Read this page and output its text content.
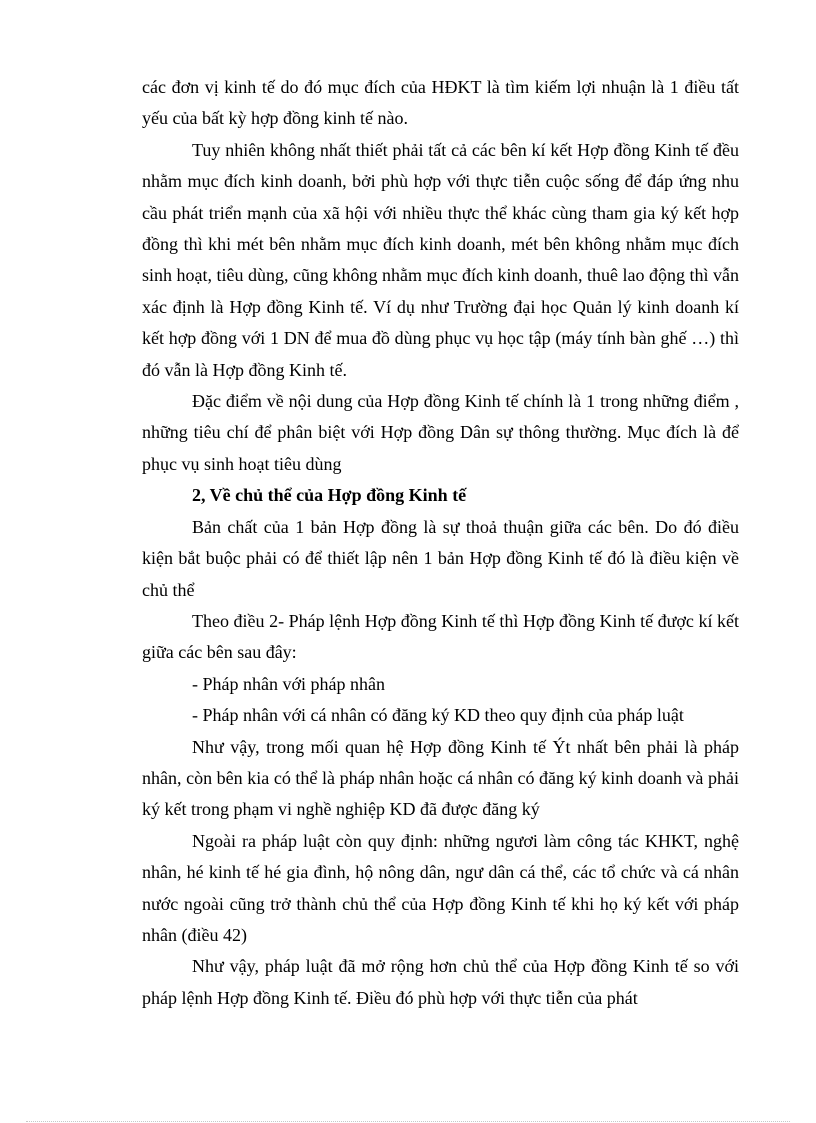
các đơn vị kinh tế do đó mục đích của HĐKT là tìm kiếm lợi nhuận là 1 điều tất yếu của bất kỳ hợp đồng kinh tế nào.

Tuy nhiên không nhất thiết phải tất cả các bên kí kết Hợp đồng Kinh tế đều nhằm mục đích kinh doanh, bởi phù hợp với thực tiễn cuộc sống để đáp ứng nhu cầu phát triển mạnh của xã hội với nhiều thực thể khác cùng tham gia ký kết hợp đồng thì khi mét bên nhằm mục đích kinh doanh, mét bên không nhằm mục đích sinh hoạt, tiêu dùng, cũng không nhằm mục đích kinh doanh, thuê lao động thì vẫn xác định là Hợp đồng Kinh tế. Ví dụ như Trường đại học Quản lý kinh doanh kí kết hợp đồng với 1 DN để mua đồ dùng phục vụ học tập (máy tính bàn ghế …) thì đó vẫn là Hợp đồng Kinh tế.

Đặc điểm về nội dung của Hợp đồng Kinh tế chính là 1 trong những điểm , những tiêu chí để phân biệt với Hợp đồng Dân sự thông thường. Mục đích là để phục vụ sinh hoạt tiêu dùng

2, Về chủ thể của Hợp đồng Kinh tế

Bản chất của 1 bản Hợp đồng là sự thoả thuận giữa các bên. Do đó điều kiện bắt buộc phải có để thiết lập nên 1 bản Hợp đồng Kinh tế đó là điều kiện về chủ thể

Theo điều 2- Pháp lệnh Hợp đồng Kinh tế thì Hợp đồng Kinh tế được kí kết giữa các bên sau đây:

- Pháp nhân với pháp nhân

- Pháp nhân với cá nhân có đăng ký KD theo quy định của pháp luật

Như vậy, trong mối quan hệ Hợp đồng Kinh tế Ýt nhất bên phải là pháp nhân, còn bên kia có thể là pháp nhân hoặc cá nhân có đăng ký kinh doanh và phải ký kết trong phạm vi nghề nghiệp KD đã được đăng ký

Ngoài ra pháp luật còn quy định: những ngươi làm công tác KHKT, nghệ nhân, hé kinh tế hé gia đình, hộ nông dân, ngư dân cá thể, các tổ chức và cá nhân nước ngoài cũng trở thành chủ thể của Hợp đồng Kinh tế khi họ ký kết với pháp nhân (điều 42)

Như vậy, pháp luật đã mở rộng hơn chủ thể của Hợp đồng Kinh tế so với pháp lệnh Hợp đồng Kinh tế. Điều đó phù hợp với thực tiễn của phát
